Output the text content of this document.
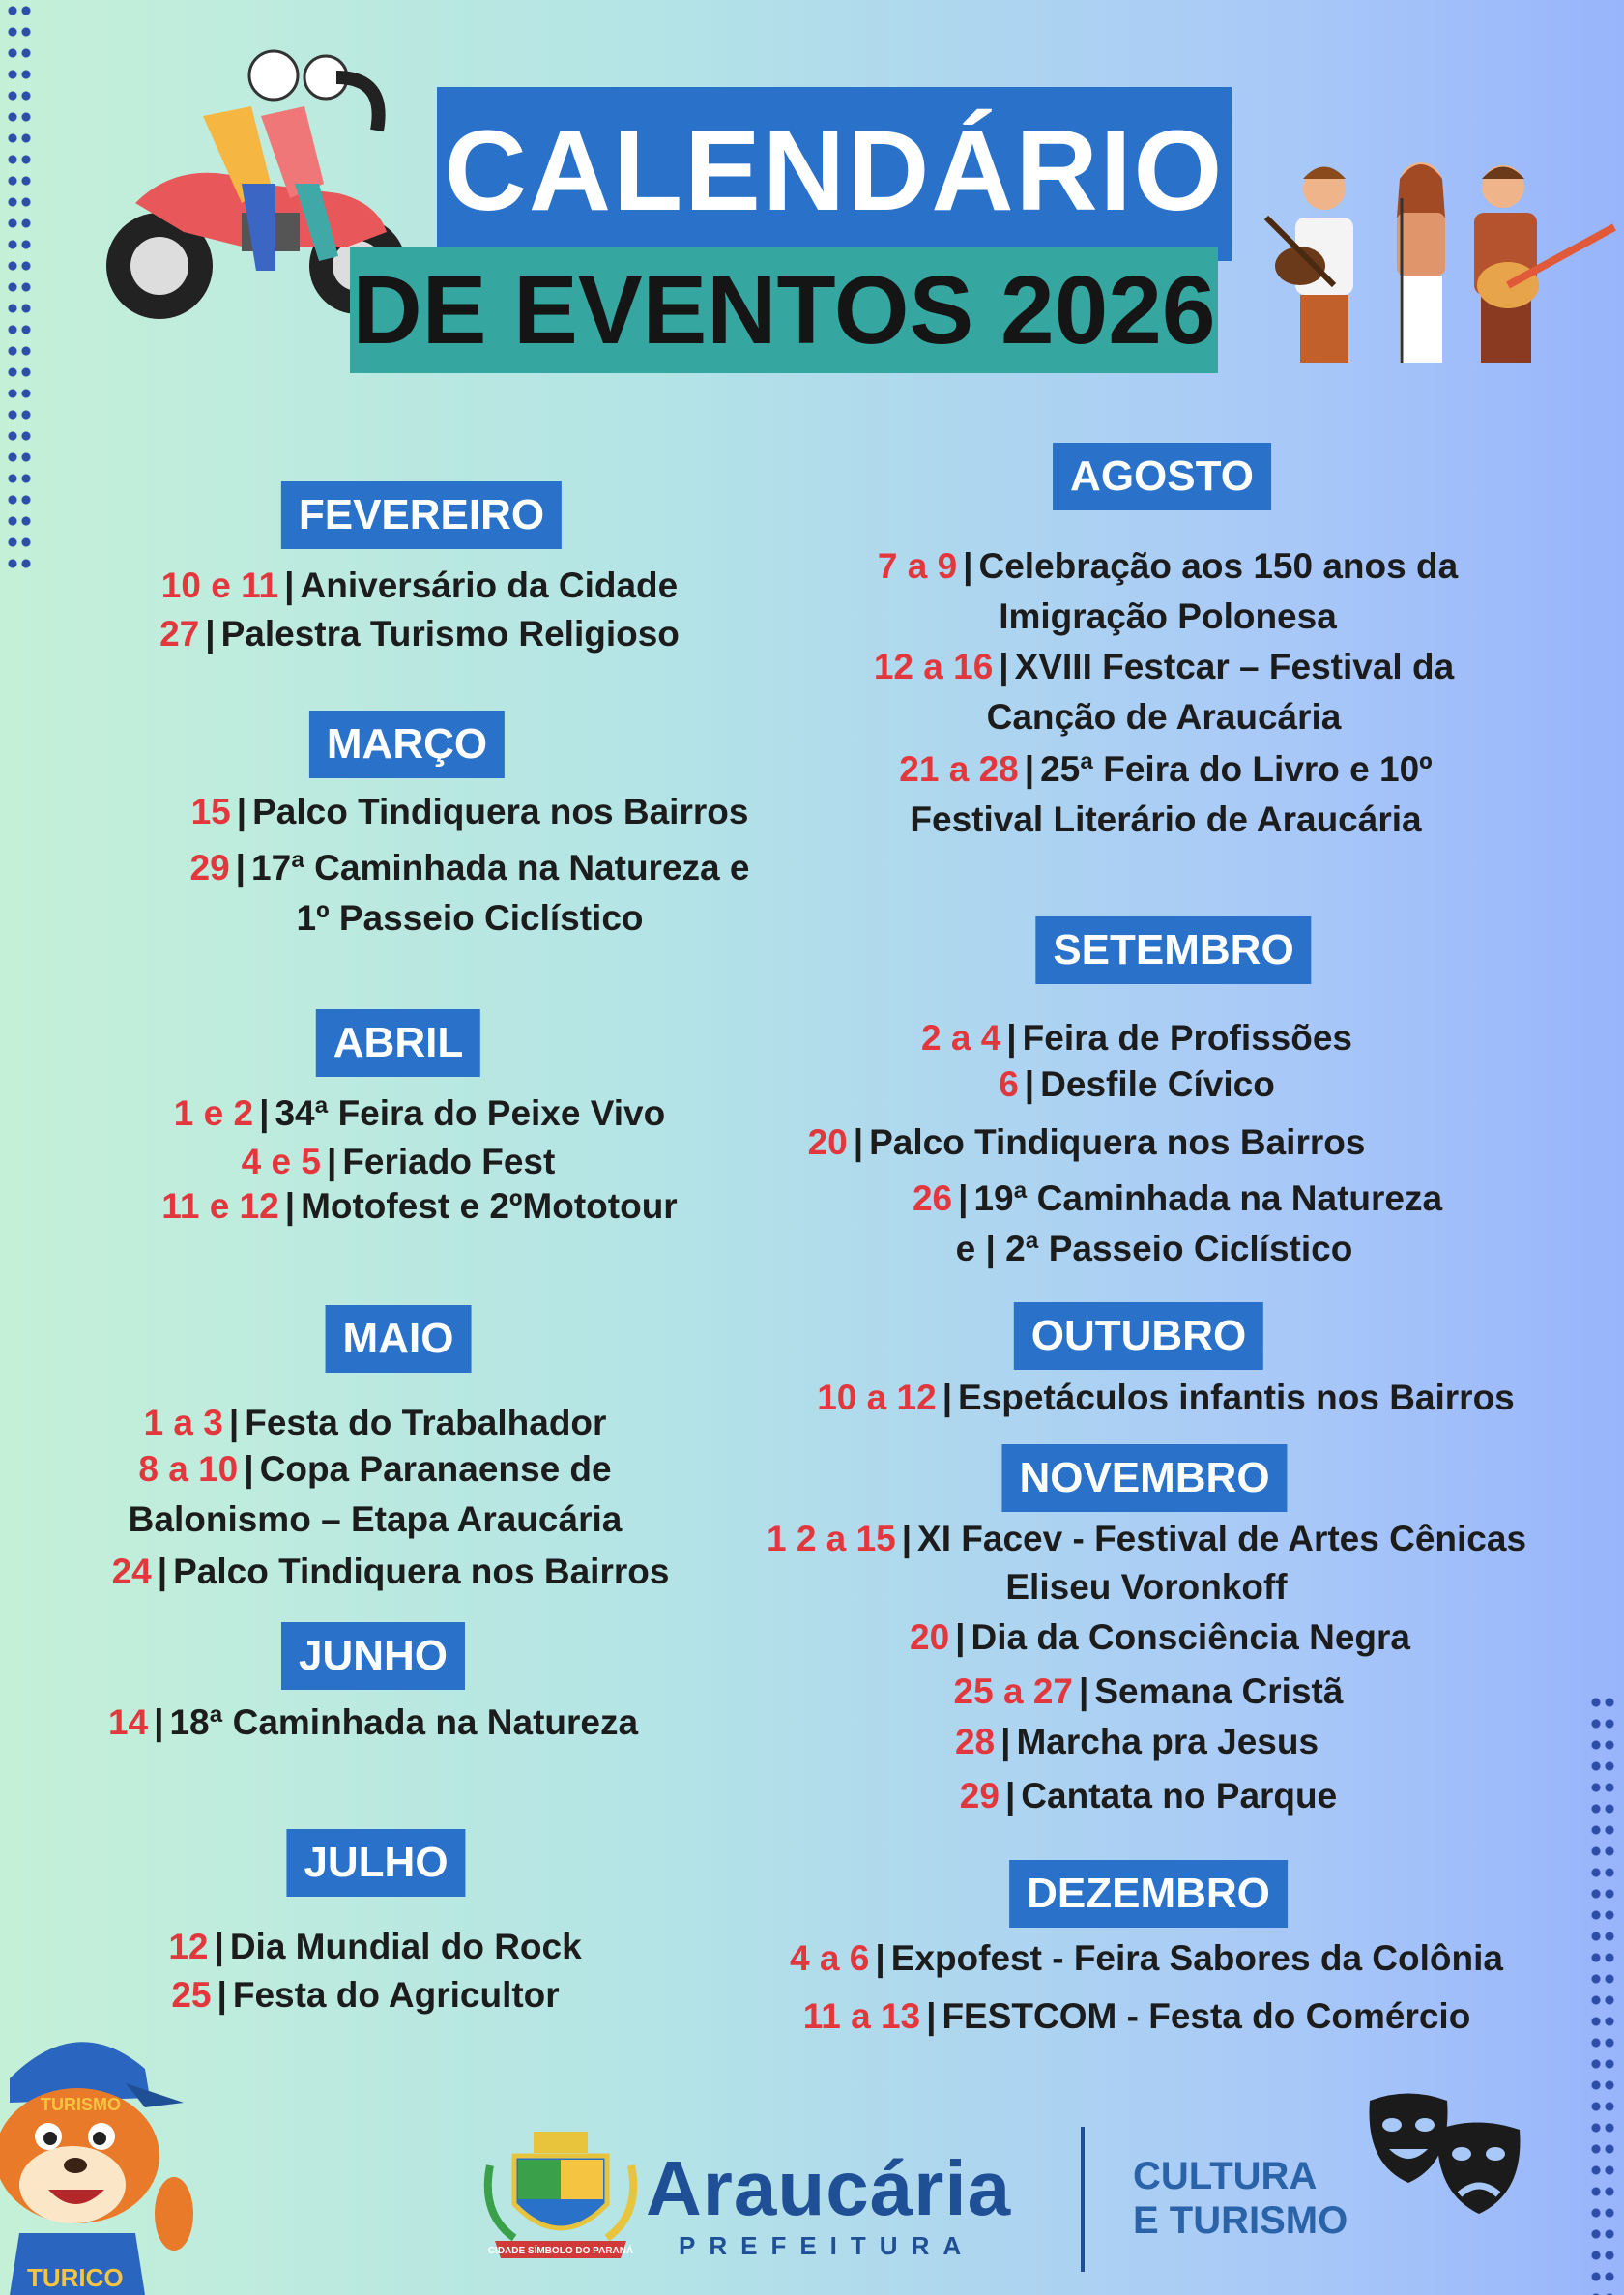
CALENDÁRIO
DE EVENTOS 2026
FEVEREIRO
10 e 11 | Aniversário da Cidade
27 | Palestra Turismo Religioso
MARÇO
15 | Palco Tindiquera nos Bairros
29 | 17ª Caminhada na Natureza e
1º Passeio Ciclístico
ABRIL
1 e 2 | 34ª Feira do Peixe Vivo
4 e 5 | Feriado Fest
11 e 12 | Motofest e 2ºMototour
MAIO
1 a 3 | Festa do Trabalhador
8 a 10 | Copa Paranaense de
Balonismo – Etapa Araucária
24 | Palco Tindiquera nos Bairros
JUNHO
14 | 18ª Caminhada na Natureza
JULHO
12 | Dia Mundial do Rock
25 | Festa do Agricultor
AGOSTO
7 a 9 | Celebração aos 150 anos da
Imigração Polonesa
12 a 16 | XVIII Festcar – Festival da
Canção de Araucária
21 a 28 | 25ª Feira do Livro e 10º
Festival Literário de Araucária
SETEMBRO
2 a 4 | Feira de Profissões
6 | Desfile Cívico
20 | Palco Tindiquera nos Bairros
26 | 19ª Caminhada na Natureza
e | 2ª Passeio Ciclístico
OUTUBRO
10 a 12 | Espetáculos infantis nos Bairros
NOVEMBRO
1 2 a 15 | XI Facev - Festival de Artes Cênicas
Eliseu Voronkoff
20 | Dia da Consciência Negra
25 a 27 | Semana Cristã
28 | Marcha pra Jesus
29 | Cantata no Parque
DEZEMBRO
4 a 6 | Expofest - Feira Sabores da Colônia
11 a 13 | FESTCOM - Festa do Comércio
TURISMO
TURICO
CIDADE SÍMBOLO DO PARANÁ
Araucária
PREFEITURA
CULTURA
E TURISMO
